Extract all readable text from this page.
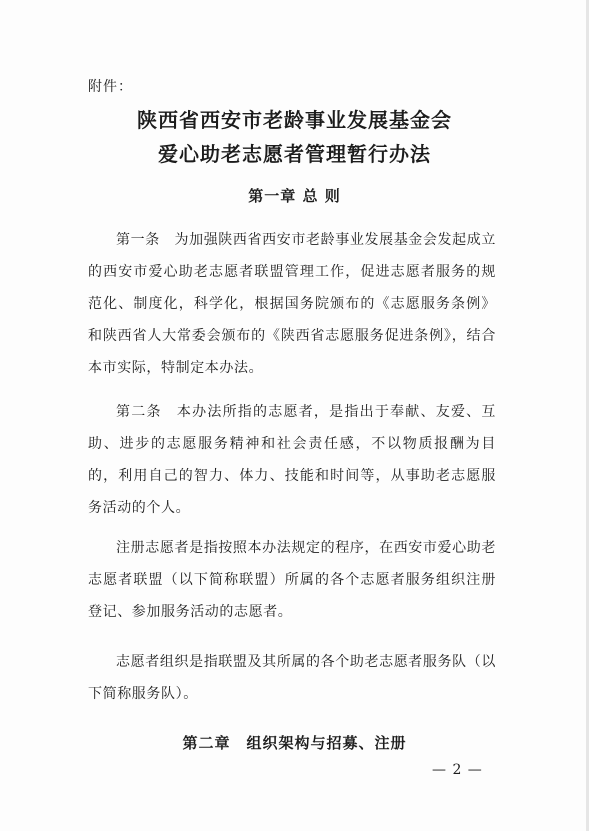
附件：
陕西省西安市老龄事业发展基金会
爱心助老志愿者管理暂行办法
第一章 总 则

第一条　为加强陕西省西安市老龄事业发展基金会发起成立的西安市爱心助老志愿者联盟管理工作，促进志愿者服务的规范化、制度化，科学化，根据国务院颁布的《志愿服务条例》和陕西省人大常委会颁布的《陕西省志愿服务促进条例》，结合本市实际，特制定本办法。

第二条　本办法所指的志愿者，是指出于奉献、友爱、互助、进步的志愿服务精神和社会责任感，不以物质报酬为目的，利用自己的智力、体力、技能和时间等，从事助老志愿服务活动的个人。

注册志愿者是指按照本办法规定的程序，在西安市爱心助老志愿者联盟（以下简称联盟）所属的各个志愿者服务组织注册登记、参加服务活动的志愿者。

志愿者组织是指联盟及其所属的各个助老志愿者服务队（以下简称服务队）。

第二章　组织架构与招募、注册
— 2 —
